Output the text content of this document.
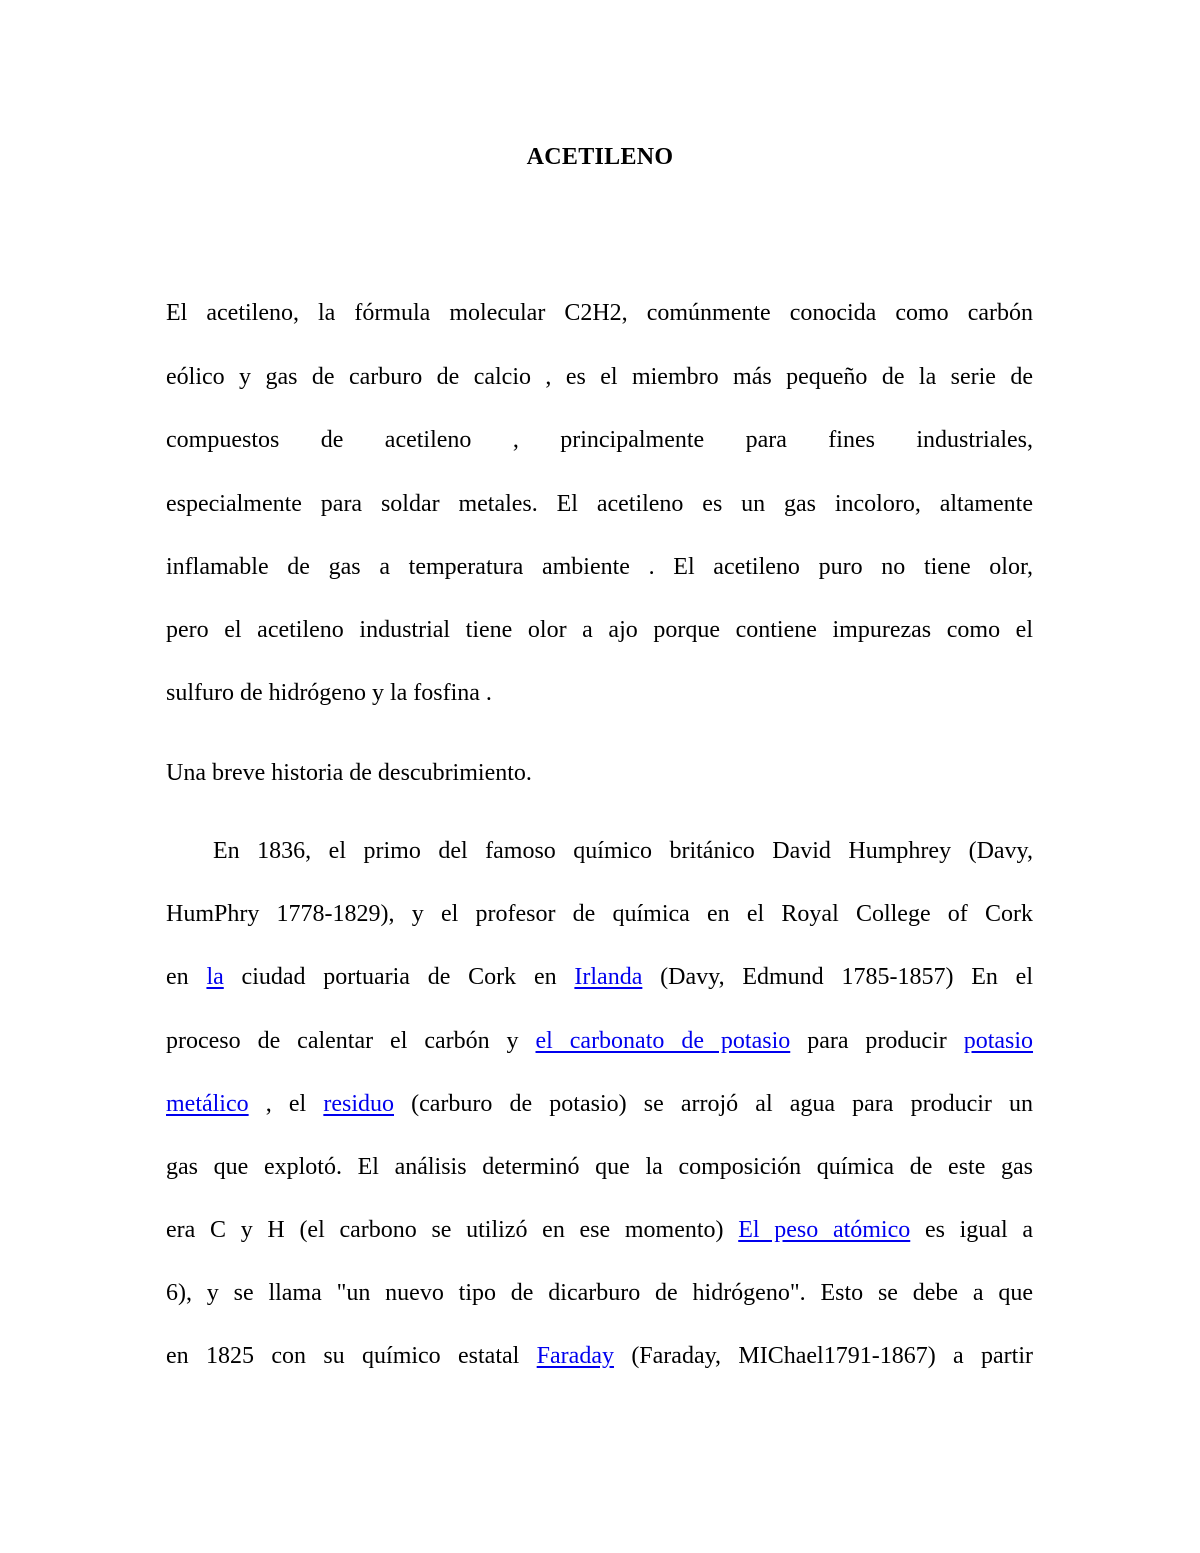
ACETILENO
El acetileno, la fórmula molecular C2H2, comúnmente conocida como carbón
eólico y gas de carburo de calcio , es el miembro más pequeño de la serie de
compuestos de acetileno , principalmente para fines industriales,
especialmente para soldar metales. El acetileno es un gas incoloro, altamente
inflamable de gas a temperatura ambiente . El acetileno puro no tiene olor,
pero el acetileno industrial tiene olor a ajo porque contiene impurezas como el
sulfuro de hidrógeno y la fosfina .
Una breve historia de descubrimiento.
En 1836, el primo del famoso químico británico David Humphrey (Davy,
HumPhry 1778-1829), y el profesor de química en el Royal College of Cork
en la ciudad portuaria de Cork en Irlanda (Davy, Edmund 1785-1857) En el
proceso de calentar el carbón y el carbonato de potasio para producir potasio
metálico , el residuo (carburo de potasio) se arrojó al agua para producir un
gas que explotó. El análisis determinó que la composición química de este gas
era C y H (el carbono se utilizó en ese momento) El peso atómico es igual a
6), y se llama "un nuevo tipo de dicarburo de hidrógeno". Esto se debe a que
en 1825 con su químico estatal Faraday (Faraday, MIChael1791-1867) a partir
